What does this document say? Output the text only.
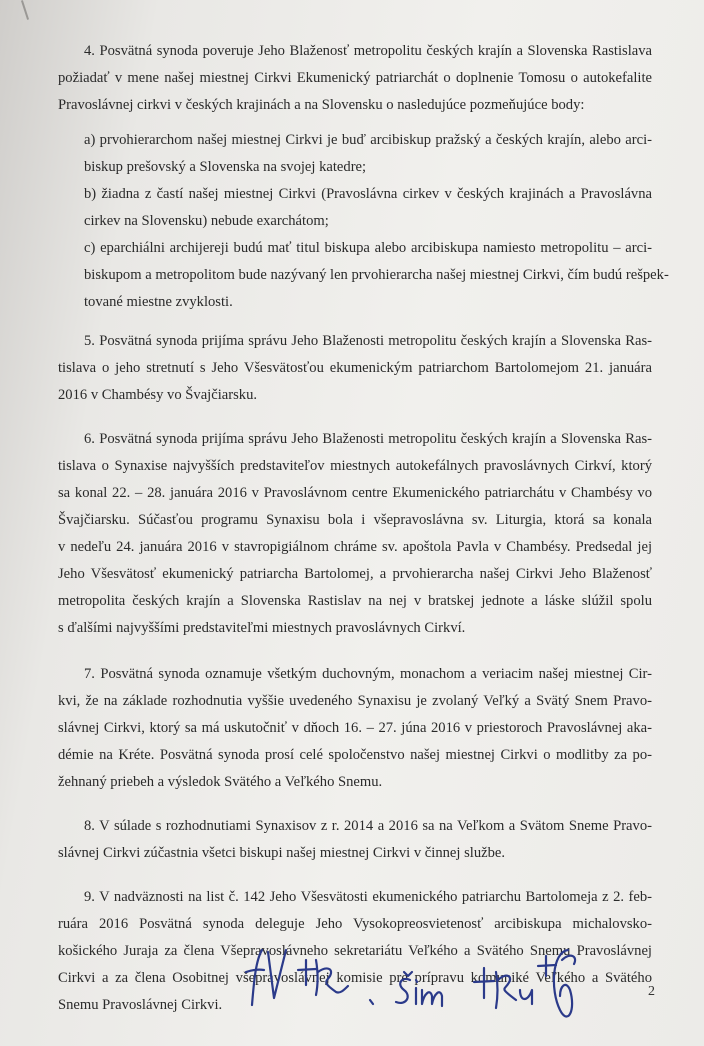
4. Posvätná synoda poveruje Jeho Blaženosť metropolitu českých krajín a Slovenska Rastislava
požiadať v mene našej miestnej Cirkvi Ekumenický patriarchát o doplnenie Tomosu o autokefalite
Pravoslávnej cirkvi v českých krajinách a na Slovensku o nasledujúce pozmeňujúce body:
a) prvohierarchom našej miestnej Cirkvi je buď arcibiskup pražský a českých krajín, alebo arci-
biskup prešovský a Slovenska na svojej katedre;
b) žiadna z častí našej miestnej Cirkvi (Pravoslávna cirkev v českých krajinách a Pravoslávna
cirkev na Slovensku) nebude exarchátom;
c) eparchiálni archijereji budú mať titul biskupa alebo arcibiskupa namiesto metropolitu – arci-
biskupom a metropolitom bude nazývaný len prvohierarcha našej miestnej Cirkvi, čím budú rešpek-
tované miestne zvyklosti.
5. Posvätná synoda prijíma správu Jeho Blaženosti metropolitu českých krajín a Slovenska Ras-
tislava o jeho stretnutí s Jeho Všesvätosťou ekumenickým patriarchom Bartolomejom 21. januára
2016 v Chambésy vo Švajčiarsku.
6. Posvätná synoda prijíma správu Jeho Blaženosti metropolitu českých krajín a Slovenska Ras-
tislava o Synaxise najvyšších predstaviteľov miestnych autokefálnych pravoslávnych Cirkví, ktorý
sa konal 22. – 28. januára 2016 v Pravoslávnom centre Ekumenického patriarchátu v Chambésy vo
Švajčiarsku. Súčasťou programu Synaxisu bola i všepravoslávna sv. Liturgia, ktorá sa konala
v nedeľu 24. januára 2016 v stavropigiálnom chráme sv. apoštola Pavla v Chambésy. Predsedal jej
Jeho Všesvätosť ekumenický patriarcha Bartolomej, a prvohierarcha našej Cirkvi Jeho Blaženosť
metropolita českých krajín a Slovenska Rastislav na nej v bratskej jednote a láske slúžil spolu
s ďalšími najvyššími predstaviteľmi miestnych pravoslávnych Cirkví.
7. Posvätná synoda oznamuje všetkým duchovným, monachom a veriacim našej miestnej Cir-
kvi, že na základe rozhodnutia vyššie uvedeného Synaxisu je zvolaný Veľký a Svätý Snem Pravo-
slávnej Cirkvi, ktorý sa má uskutočniť v dňoch 16. – 27. júna 2016 v priestoroch Pravoslávnej aka-
démie na Kréte. Posvätná synoda prosí celé spoločenstvo našej miestnej Cirkvi o modlitby za po-
žehnaný priebeh a výsledok Svätého a Veľkého Snemu.
8. V súlade s rozhodnutiami Synaxisov z r. 2014 a 2016 sa na Veľkom a Svätom Sneme Pravo-
slávnej Cirkvi zúčastnia všetci biskupi našej miestnej Cirkvi v činnej službe.
9. V nadväznosti na list č. 142 Jeho Všesvätosti ekumenického patriarchu Bartolomeja z 2. feb-
ruára 2016 Posvätná synoda deleguje Jeho Vysokopreosvietenosť arcibiskupa michalovsko-
košického Juraja za člena Všepravoslávneho sekretariátu Veľkého a Svätého Snemu Pravoslávnej
Cirkvi a za člena Osobitnej všepravoslávnej komisie pre prípravu komuniké Veľkého a Svätého
Snemu Pravoslávnej Cirkvi.
2
